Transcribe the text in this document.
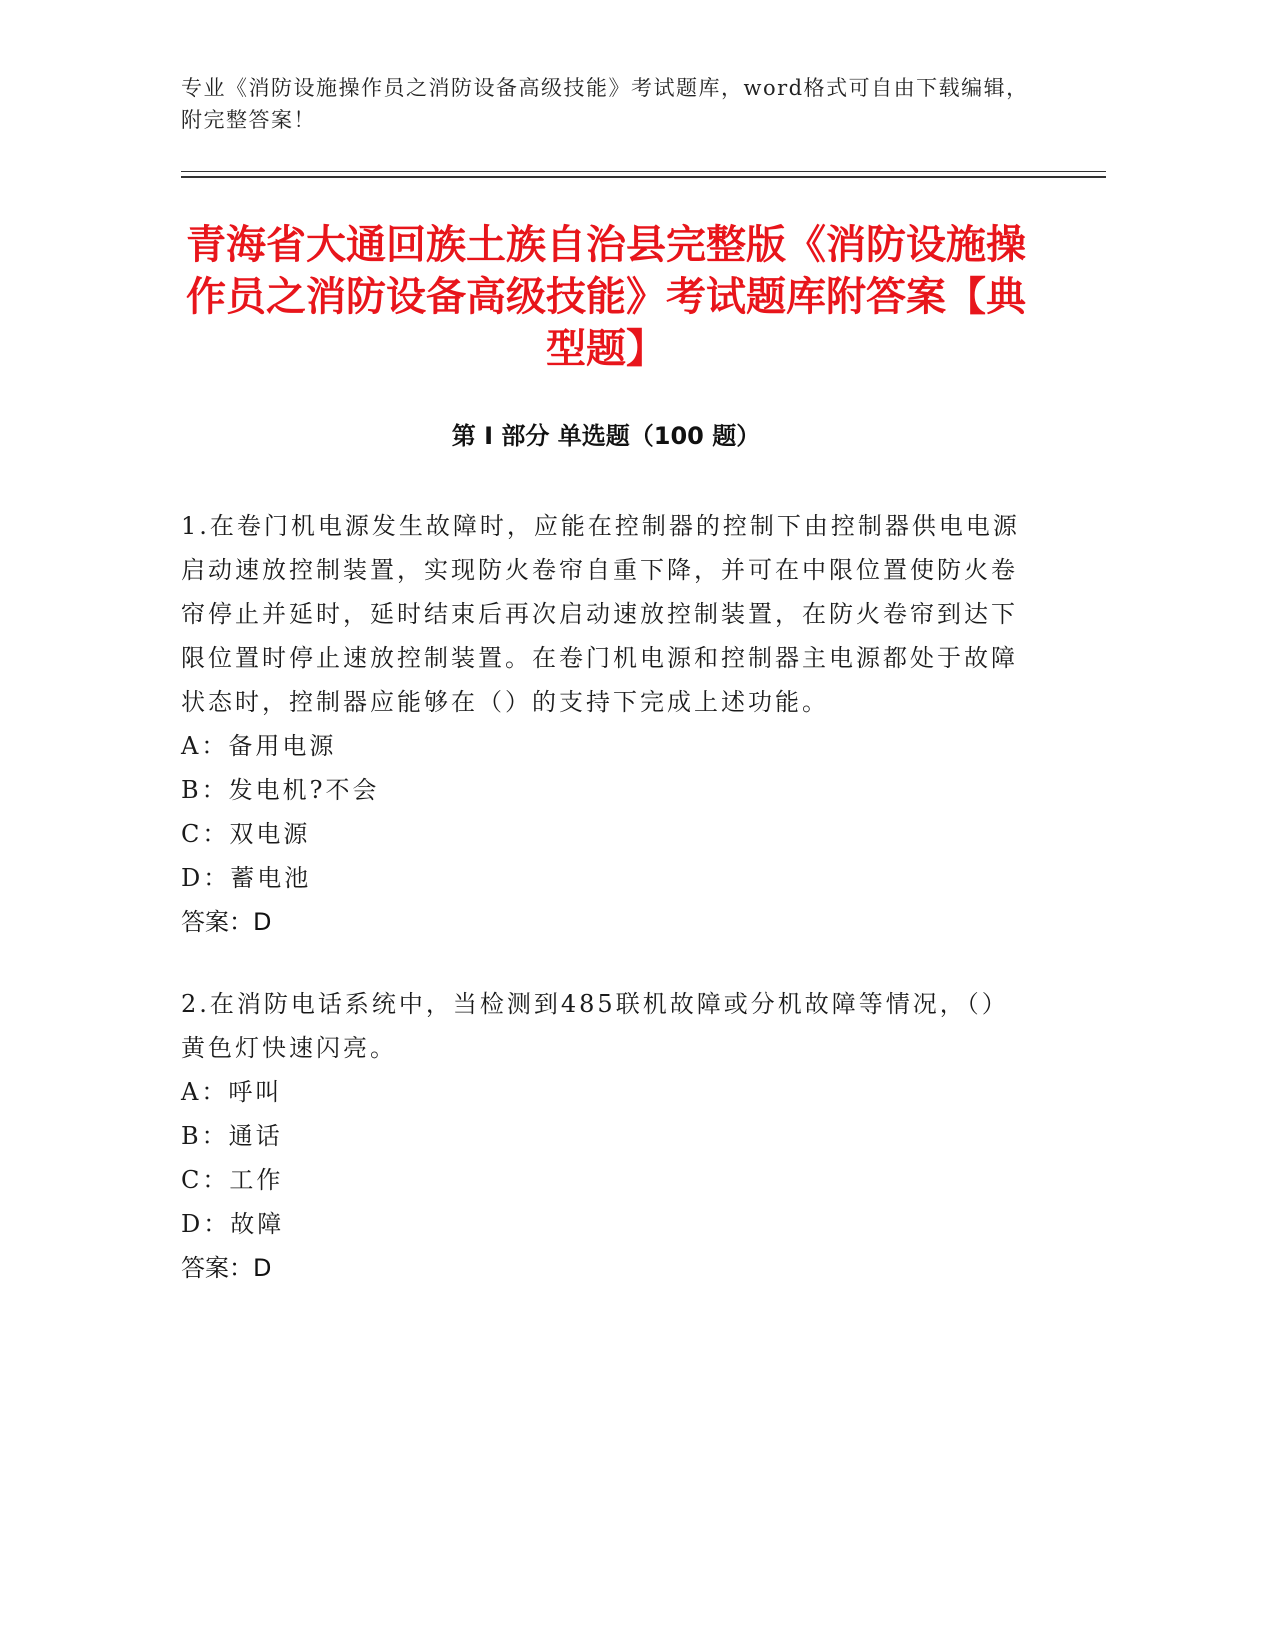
专业《消防设施操作员之消防设备高级技能》考试题库，word格式可自由下载编辑，附完整答案！
青海省大通回族土族自治县完整版《消防设施操作员之消防设备高级技能》考试题库附答案【典型题】
第 I 部分 单选题（100 题）

1.在卷门机电源发生故障时，应能在控制器的控制下由控制器供电电源启动速放控制装置，实现防火卷帘自重下降，并可在中限位置使防火卷帘停止并延时，延时结束后再次启动速放控制装置，在防火卷帘到达下限位置时停止速放控制装置。在卷门机电源和控制器主电源都处于故障状态时，控制器应能够在（）的支持下完成上述功能。

A：备用电源

B：发电机?不会

C：双电源

D：蓄电池

答案：D

2.在消防电话系统中，当检测到485联机故障或分机故障等情况，（）黄色灯快速闪亮。

A：呼叫

B：通话

C：工作

D：故障

答案：D
